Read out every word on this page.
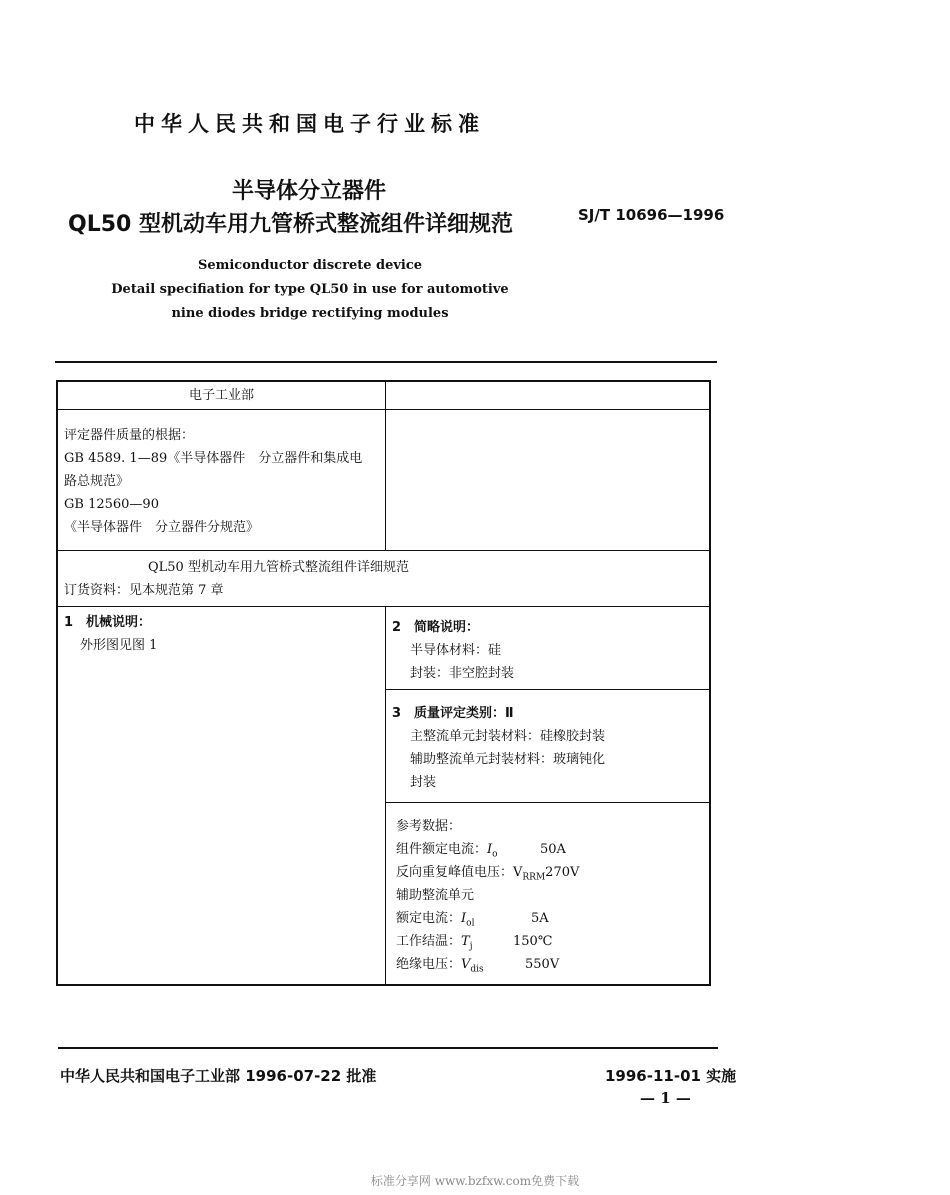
中华人民共和国电子行业标准
半导体分立器件
QL50 型机动车用九管桥式整流组件详细规范	SJ/T 10696—1996
Semiconductor discrete device
Detail specifiation for type QL50 in use for automotive
nine diodes bridge rectifying modules
电子工业部
评定器件质量的根据：
GB 4589. 1—89《半导体器件　分立器件和集成电
路总规范》
GB 12560—90
《半导体器件　分立器件分规范》
QL50 型机动车用九管桥式整流组件详细规范
订货资料：见本规范第 7 章
1　机械说明：
外形图见图 1
2　简略说明：
半导体材料：硅
封装：非空腔封装
3　质量评定类别：Ⅱ
主整流单元封装材料：硅橡胶封装
辅助整流单元封装材料：玻璃钝化
封装
参考数据：
组件额定电流：$I_o$	50A
反向重复峰值电压：$V_{RRM}270V$
辅助整流单元
额定电流：$I_{ol}$	5A
工作结温：$T_j$	150℃
绝缘电压：$V_{dis}$	550V
中华人民共和国电子工业部 1996-07-22 批准	1996-11-01 实施
— 1 —
标准分享网 www.bzfxw.com免费下载
